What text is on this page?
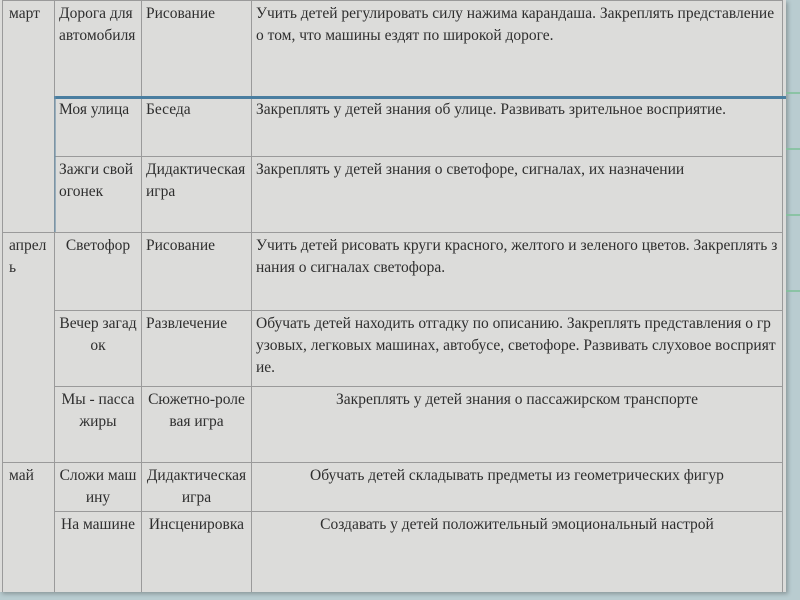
март	Дорога для автомобиля	Рисование	Учить детей регулировать силу нажима карандаша. Закреплять представление о том, что машины ездят по широкой дороге.
	Моя улица	Беседа	Закреплять у детей знания об улице. Развивать зрительное восприятие.
	Зажги свой огонек	Дидактическая игра	Закреплять у детей знания о светофоре, сигналах, их назначении
апрель	Светофор	Рисование	Учить детей рисовать круги красного, желтого и зеленого цветов. Закреплять знания о сигналах светофора.
	Вечер загадок	Развлечение	Обучать детей находить отгадку по описанию. Закреплять представления о грузовых, легковых машинах, автобусе, светофоре. Развивать слуховое восприятие.
	Мы - пассажиры	Сюжетно-ролевая игра	Закреплять у детей знания о пассажирском транспорте
май	Сложи машину	Дидактическая игра	Обучать детей складывать предметы из геометрических фигур
	На машине	Инсценировка	Создавать у детей положительный эмоциональный настрой
